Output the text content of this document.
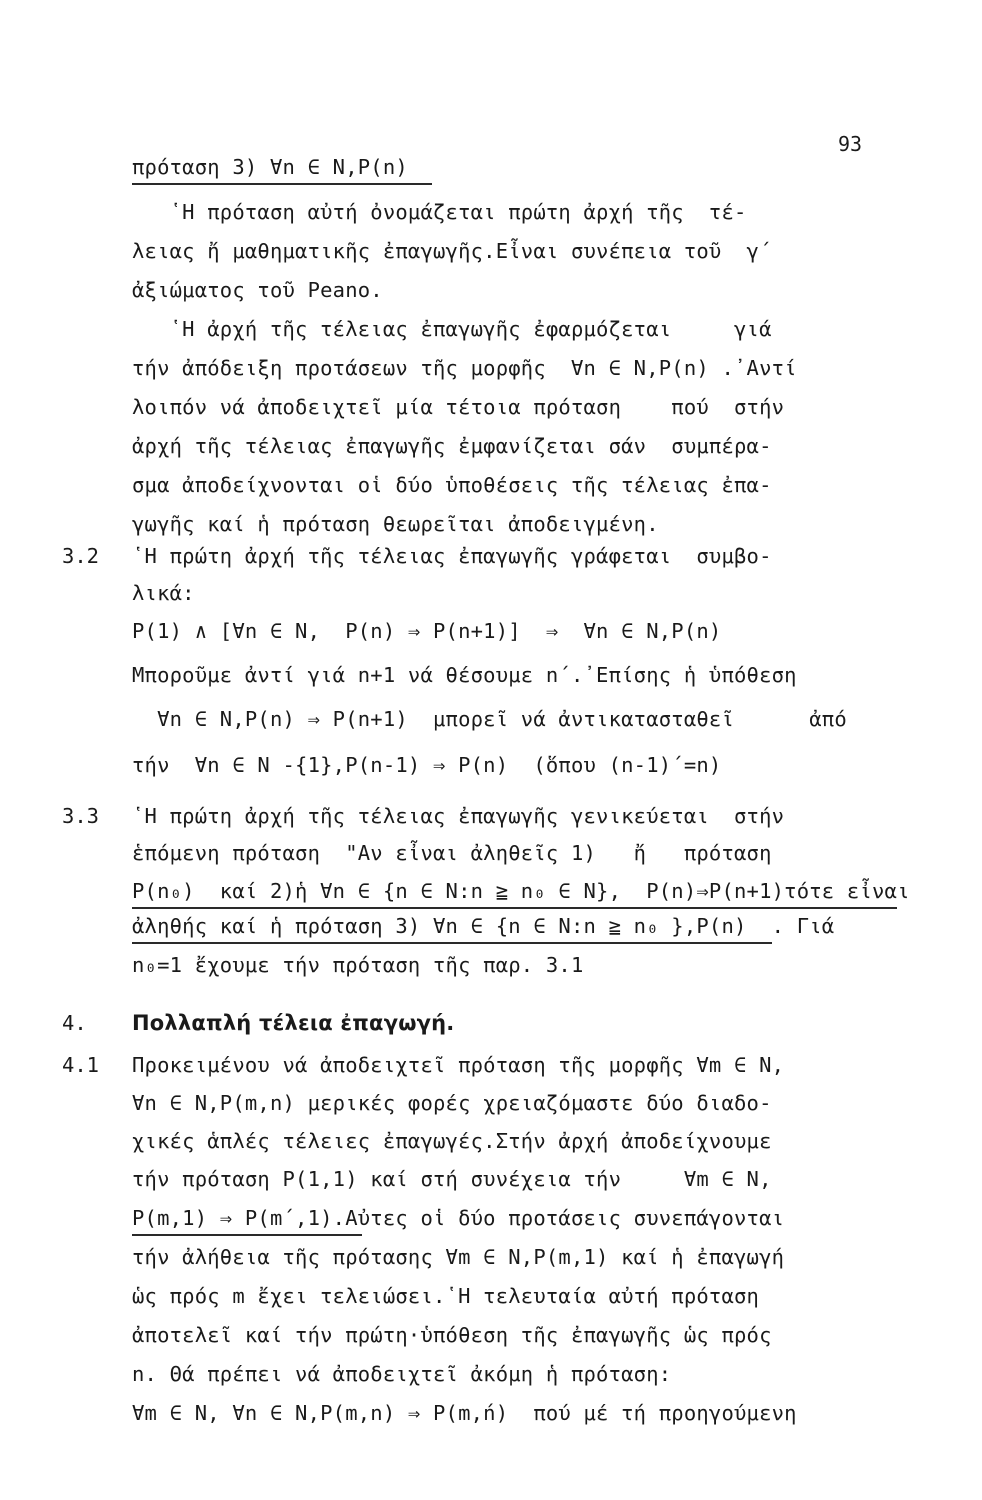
93
πρόταση 3) ∀n ∈ N,P(n)
῾Η πρόταση αὐτή ὀνομάζεται πρώτη ἀρχή τῆς  τέ-
λειας ἤ μαθηματικῆς ἐπαγωγῆς.Εἶναι συνέπεια τοῦ  γ΄
ἀξιώματος τοῦ Peano.
῾Η ἀρχή τῆς τέλειας ἐπαγωγῆς ἐφαρμόζεται     γιά
τήν ἀπόδειξη προτάσεων τῆς μορφῆς  ∀n ∈ N,P(n) .᾿Αντί
λοιπόν νά ἀποδειχτεῖ μία τέτοια πρόταση    πού  στήν
ἀρχή τῆς τέλειας ἐπαγωγῆς ἐμφανίζεται σάν  συμπέρα-
σμα ἀποδείχνονται οἱ δύο ὑποθέσεις τῆς τέλειας ἐπα-
γωγῆς καί ἡ πρόταση θεωρεῖται ἀποδειγμένη.
3.2 ῾Η πρώτη ἀρχή τῆς τέλειας ἐπαγωγῆς γράφεται  συμβο-
λικά:
P(1) ∧ [∀n ∈ N,  P(n) ⇒ P(n+1)]  ⇒  ∀n ∈ N,P(n)
Μποροῦμε ἀντί γιά n+1 νά θέσουμε n΄.᾿Επίσης ἡ ὑπόθεση
∀n ∈ N,P(n) ⇒ P(n+1)  μπορεῖ νά ἀντικατασταθεῖ      ἀπό
τήν  ∀n ∈ N -{1},P(n-1) ⇒ P(n)  (ὅπου (n-1)΄=n)
3.3 ῾Η πρώτη ἀρχή τῆς τέλειας ἐπαγωγῆς γενικεύεται  στήν
ἑπόμενη πρόταση  "Αν εἶναι ἀληθεῖς 1)   ἤ   πρόταση
P(n₀)  καί 2)ἡ ∀n ∈ {n ∈ N:n ≧ n₀ ∈ N},  P(n)⇒P(n+1)τότε εἶναι
ἀληθής καί ἡ πρόταση 3) ∀n ∈ {n ∈ N:n ≧ n₀ },P(n)  . Γιά
n₀=1 ἔχουμε τήν πρόταση τῆς παρ. 3.1
4. Πολλαπλή τέλεια ἐπαγωγή.
4.1 Προκειμένου νά ἀποδειχτεῖ πρόταση τῆς μορφῆς ∀m ∈ N,
∀n ∈ N,P(m,n) μερικές φορές χρειαζόμαστε δύο διαδο-
χικές ἁπλές τέλειες ἐπαγωγές.Στήν ἀρχή ἀποδείχνουμε
τήν πρόταση P(1,1) καί στή συνέχεια τήν     ∀m ∈ N,
P(m,1) ⇒ P(m΄,1).Αὐτες οἱ δύο προτάσεις συνεπάγονται
τήν ἀλήθεια τῆς πρότασης ∀m ∈ N,P(m,1) καί ἡ ἐπαγωγή
ὡς πρός m ἔχει τελειώσει.῾Η τελευταία αὐτή πρόταση
ἀποτελεῖ καί τήν πρώτη·ὑπόθεση τῆς ἐπαγωγῆς ὡς πρός
n. Θά πρέπει νά ἀποδειχτεῖ ἀκόμη ἡ πρόταση:
∀m ∈ N, ∀n ∈ N,P(m,n) ⇒ P(m,ń)  πού μέ τή προηγούμενη
